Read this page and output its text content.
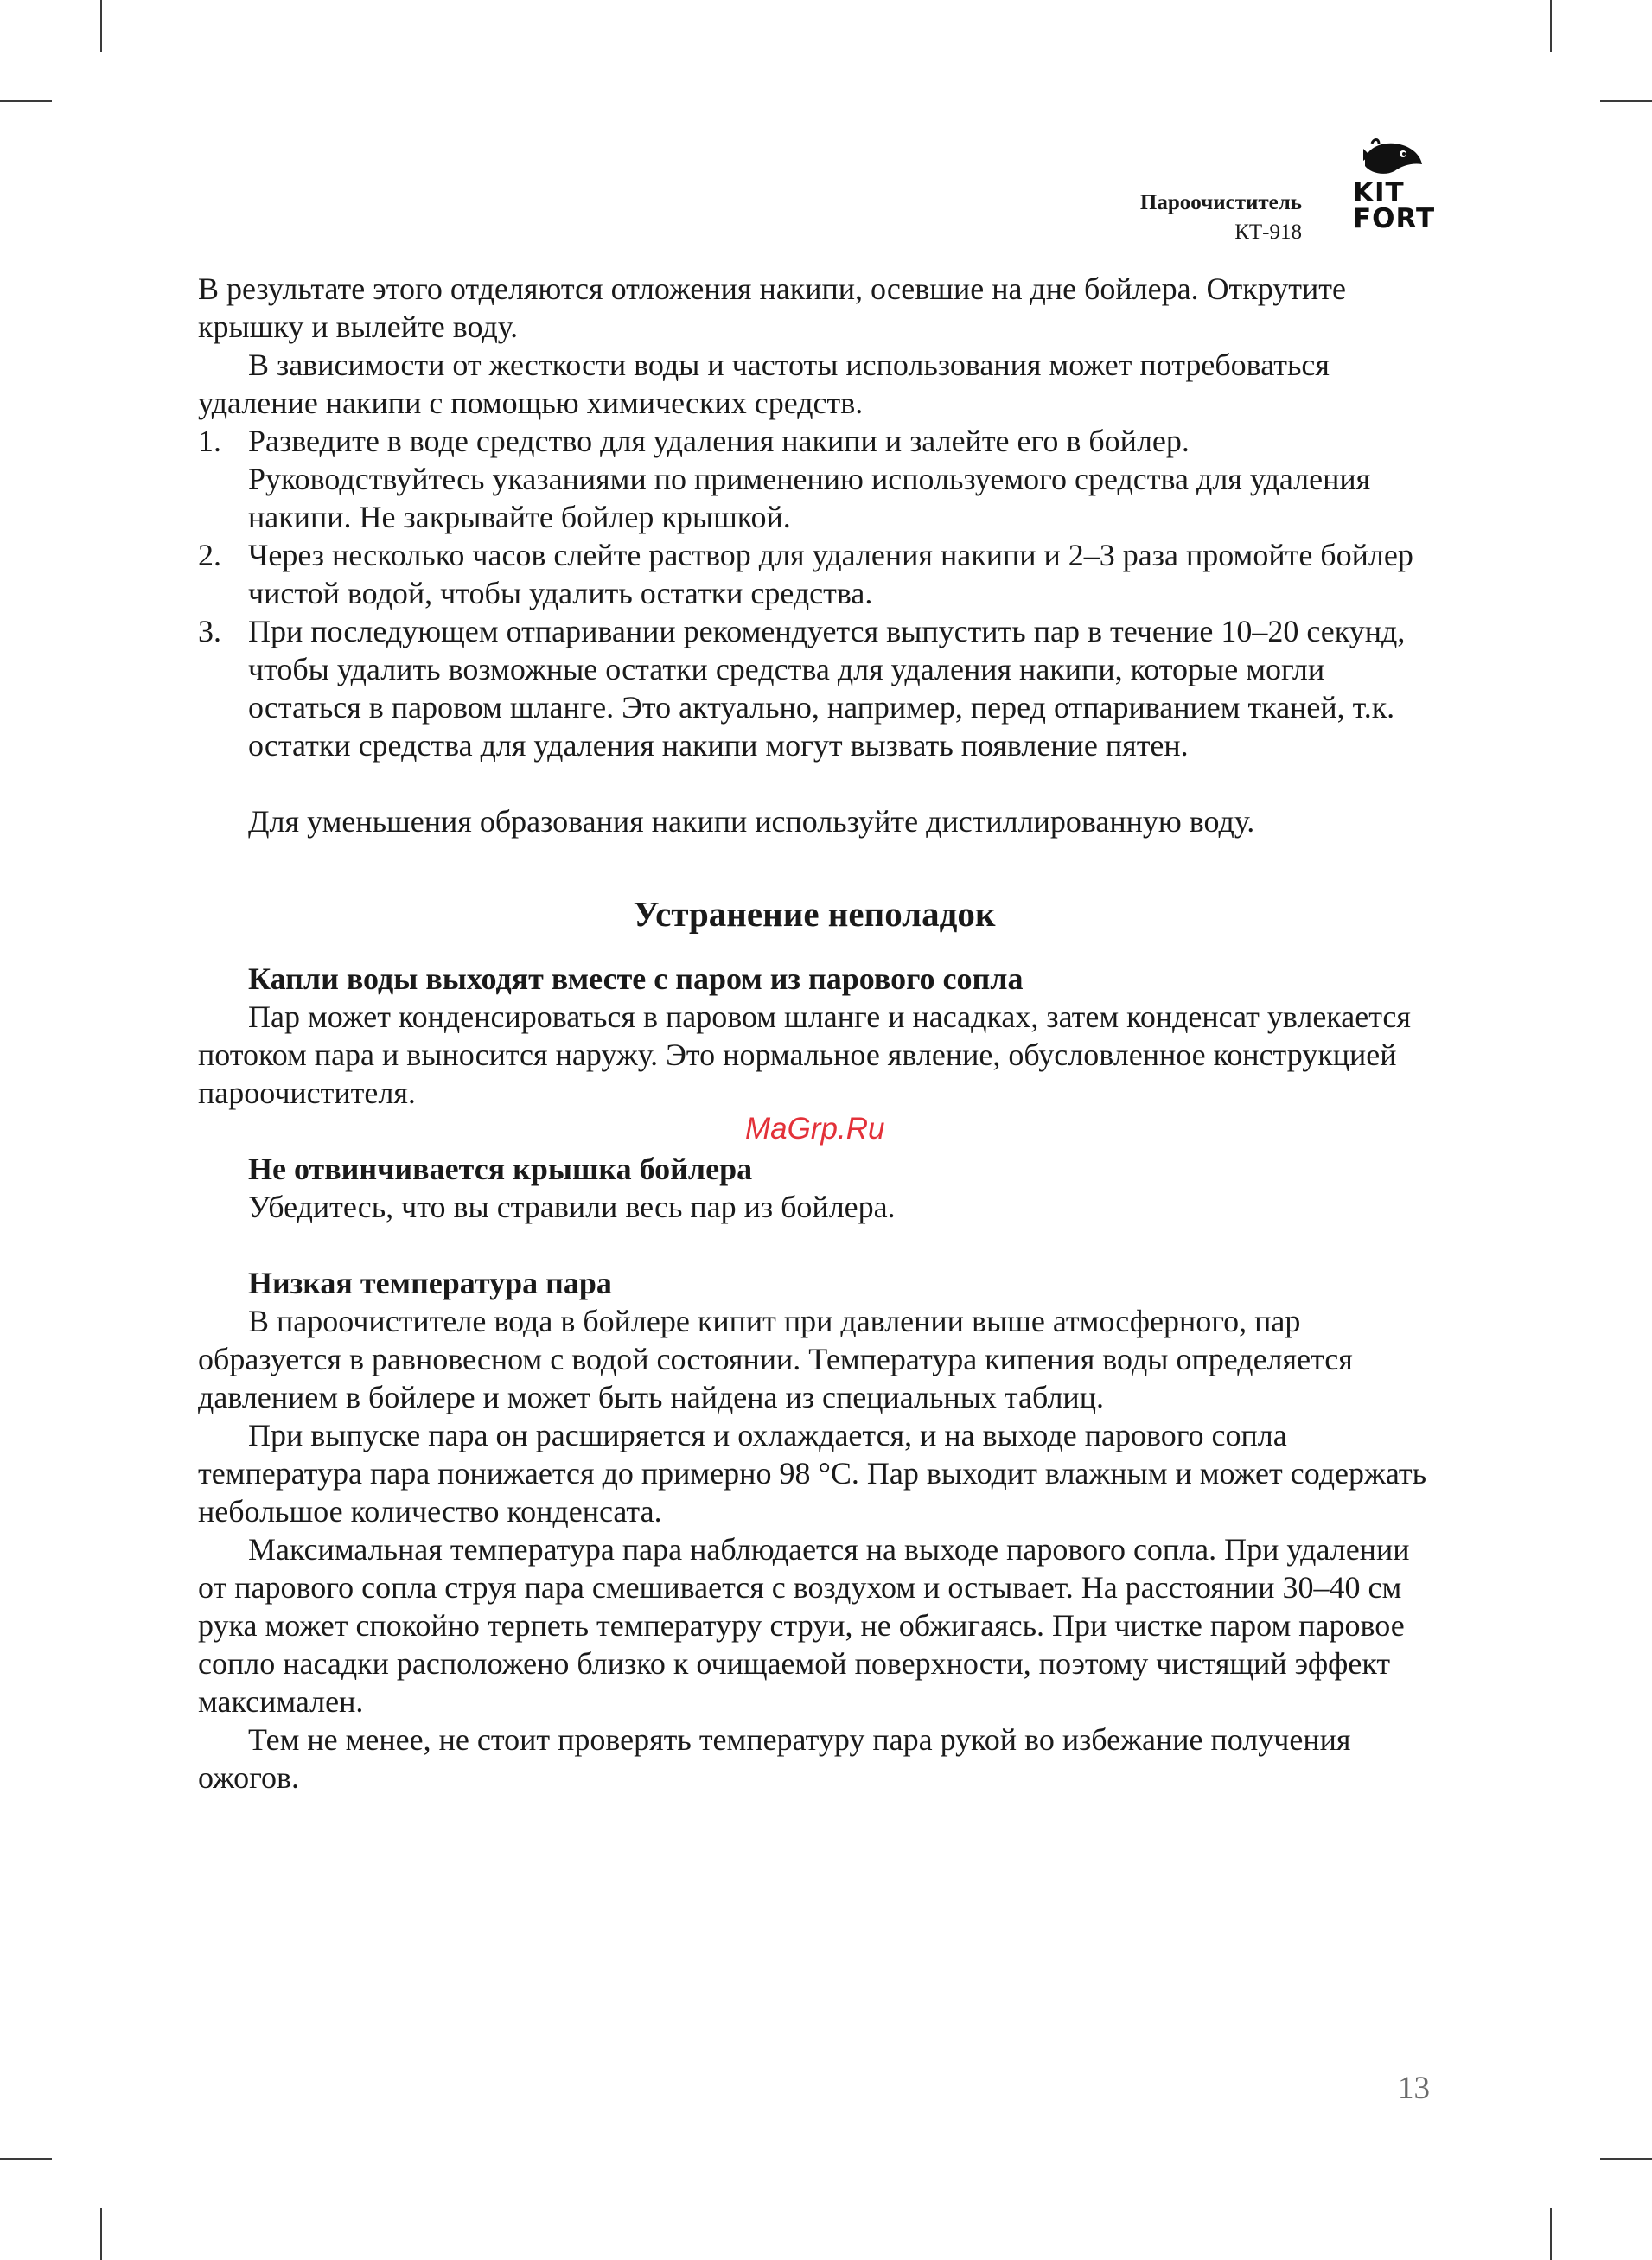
Пароочиститель
КТ-918
KIT
FORT

В результате этого отделяются отложения накипи, осевшие на дне бойлера. Открутите крышку и вылейте воду.

В зависимости от жесткости воды и частоты использования может потребоваться удаление накипи с помощью химических средств.

1. Разведите в воде средство для удаления накипи и залейте его в бойлер. Руководствуйтесь указаниями по применению используемого средства для удаления накипи. Не закрывайте бойлер крышкой.
2. Через несколько часов слейте раствор для удаления накипи и 2–3 раза промойте бойлер чистой водой, чтобы удалить остатки средства.
3. При последующем отпаривании рекомендуется выпустить пар в течение 10–20 секунд, чтобы удалить возможные остатки средства для удаления накипи, которые могли остаться в паровом шланге. Это актуально, например, перед отпариванием тканей, т.к. остатки средства для удаления накипи могут вызвать появление пятен.

Для уменьшения образования накипи используйте дистиллированную воду.

Устранение неполадок

Капли воды выходят вместе с паром из парового сопла

Пар может конденсироваться в паровом шланге и насадках, затем конденсат увлекается потоком пара и выносится наружу. Это нормальное явление, обусловленное конструкцией пароочистителя.

Не отвинчивается крышка бойлера

Убедитесь, что вы стравили весь пар из бойлера.

Низкая температура пара

В пароочистителе вода в бойлере кипит при давлении выше атмосферного, пар образуется в равновесном с водой состоянии. Температура кипения воды определяется давлением в бойлере и может быть найдена из специальных таблиц.

При выпуске пара он расширяется и охлаждается, и на выходе парового сопла температура пара понижается до примерно 98 °С. Пар выходит влажным и может содержать небольшое количество конденсата.

Максимальная температура пара наблюдается на выходе парового сопла. При удалении от парового сопла струя пара смешивается с воздухом и остывает. На расстоянии 30–40 см рука может спокойно терпеть температуру струи, не обжигаясь. При чистке паром паровое сопло насадки расположено близко к очищаемой поверхности, поэтому чистящий эффект максимален.

Тем не менее, не стоит проверять температуру пара рукой во избежание получения ожогов.

MaGrp.Ru
13
